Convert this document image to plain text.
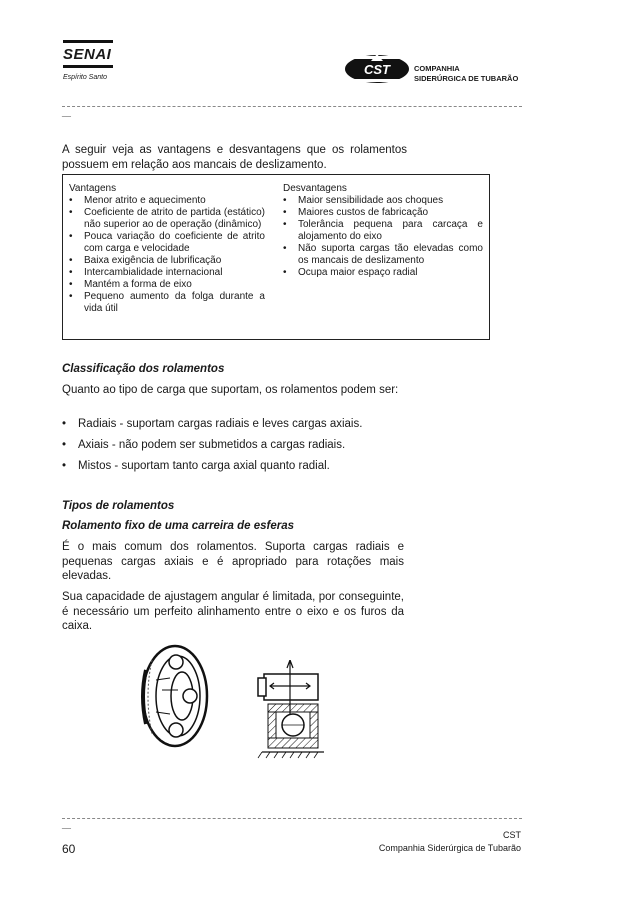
SENAI
Espírito Santo
CST	COMPANHIA
SIDERÚRGICA DE TUBARÃO
__
A seguir veja as vantagens e desvantagens que os rolamentos possuem em relação aos mancais de deslizamento.
Vantagens
• Menor atrito e aquecimento
• Coeficiente de atrito de partida (estático) não superior ao de operação (dinâmico)
• Pouca variação do coeficiente de atrito com carga e velocidade
• Baixa exigência de lubrificação
• Intercambialidade internacional
• Mantém a forma de eixo
• Pequeno aumento da folga durante a vida útil
Desvantagens
• Maior sensibilidade aos choques
• Maiores custos de fabricação
• Tolerância pequena para carcaça e alojamento do eixo
• Não suporta cargas tão elevadas como os mancais de deslizamento
• Ocupa maior espaço radial
Classificação dos rolamentos
Quanto ao tipo de carga que suportam, os rolamentos podem ser:
• Radiais - suportam cargas radiais e leves cargas axiais.
• Axiais - não podem ser submetidos a cargas radiais.
• Mistos - suportam tanto carga axial quanto radial.
Tipos de rolamentos
Rolamento fixo de uma carreira de esferas
É o mais comum dos rolamentos. Suporta cargas radiais e pequenas cargas axiais e é apropriado para rotações mais elevadas.
Sua capacidade de ajustagem angular é limitada, por conseguinte, é necessário um perfeito alinhamento entre o eixo e os furos da caixa.
__
60
CST
Companhia Siderúrgica de Tubarão
